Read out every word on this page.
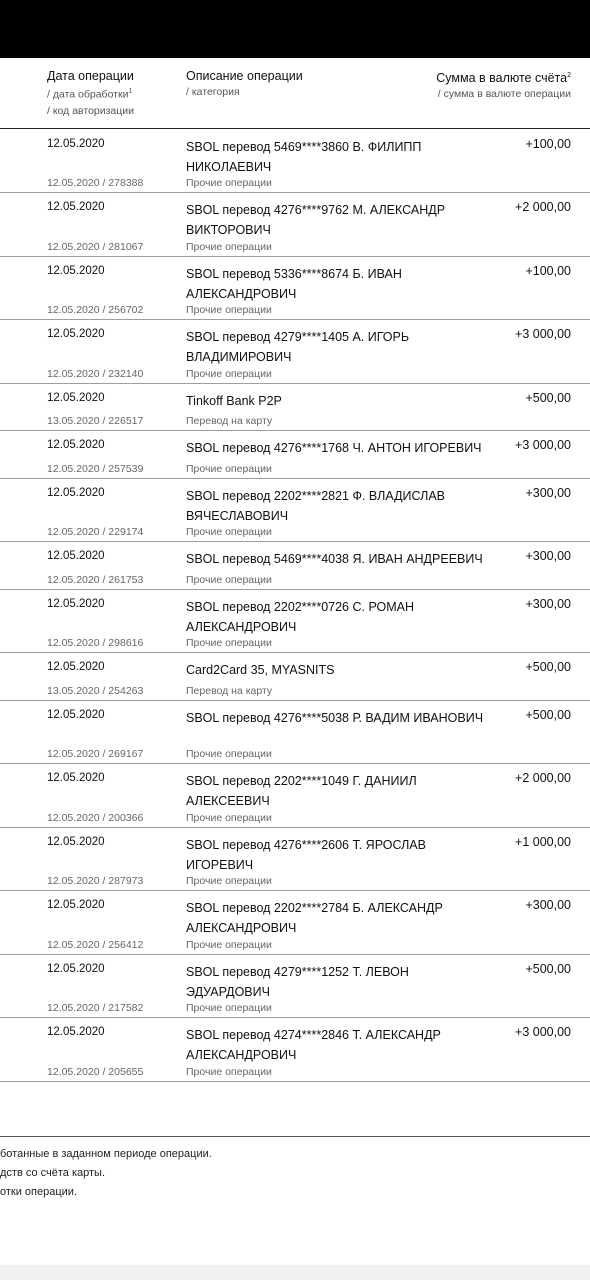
Дата операции
/ дата обработки$^1$
/ код авторизации
Описание операции
/ категория
Сумма в валюте счёта$^2$
/ сумма в валюте операции
12.05.2020
12.05.2020 / 278388
SBOL перевод 5469****3860 В. ФИЛИПП НИКОЛАЕВИЧ
Прочие операции
+100,00
12.05.2020
12.05.2020 / 281067
SBOL перевод 4276****9762 М. АЛЕКСАНДР ВИКТОРОВИЧ
Прочие операции
+2 000,00
12.05.2020
12.05.2020 / 256702
SBOL перевод 5336****8674 Б. ИВАН АЛЕКСАНДРОВИЧ
Прочие операции
+100,00
12.05.2020
12.05.2020 / 232140
SBOL перевод 4279****1405 А. ИГОРЬ ВЛАДИМИРОВИЧ
Прочие операции
+3 000,00
12.05.2020
13.05.2020 / 226517
Tinkoff Bank P2P
Перевод на карту
+500,00
12.05.2020
12.05.2020 / 257539
SBOL перевод 4276****1768 Ч. АНТОН ИГОРЕВИЧ
Прочие операции
+3 000,00
12.05.2020
12.05.2020 / 229174
SBOL перевод 2202****2821 Ф. ВЛАДИСЛАВ ВЯЧЕСЛАВОВИЧ
Прочие операции
+300,00
12.05.2020
12.05.2020 / 261753
SBOL перевод 5469****4038 Я. ИВАН АНДРЕЕВИЧ
Прочие операции
+300,00
12.05.2020
12.05.2020 / 298616
SBOL перевод 2202****0726 С. РОМАН АЛЕКСАНДРОВИЧ
Прочие операции
+300,00
12.05.2020
13.05.2020 / 254263
Card2Card 35, MYASNITS
Перевод на карту
+500,00
12.05.2020
12.05.2020 / 269167
SBOL перевод 4276****5038 Р. ВАДИМ ИВАНОВИЧ
Прочие операции
+500,00
12.05.2020
12.05.2020 / 200366
SBOL перевод 2202****1049 Г. ДАНИИЛ АЛЕКСЕЕВИЧ
Прочие операции
+2 000,00
12.05.2020
12.05.2020 / 287973
SBOL перевод 4276****2606 Т. ЯРОСЛАВ ИГОРЕВИЧ
Прочие операции
+1 000,00
12.05.2020
12.05.2020 / 256412
SBOL перевод 2202****2784 Б. АЛЕКСАНДР АЛЕКСАНДРОВИЧ
Прочие операции
+300,00
12.05.2020
12.05.2020 / 217582
SBOL перевод 4279****1252 Т. ЛЕВОН ЭДУАРДОВИЧ
Прочие операции
+500,00
12.05.2020
12.05.2020 / 205655
SBOL перевод 4274****2846 Т. АЛЕКСАНДР АЛЕКСАНДРОВИЧ
Прочие операции
+3 000,00
ботанные в заданном периоде операции.
дств со счёта карты.
отки операции.
